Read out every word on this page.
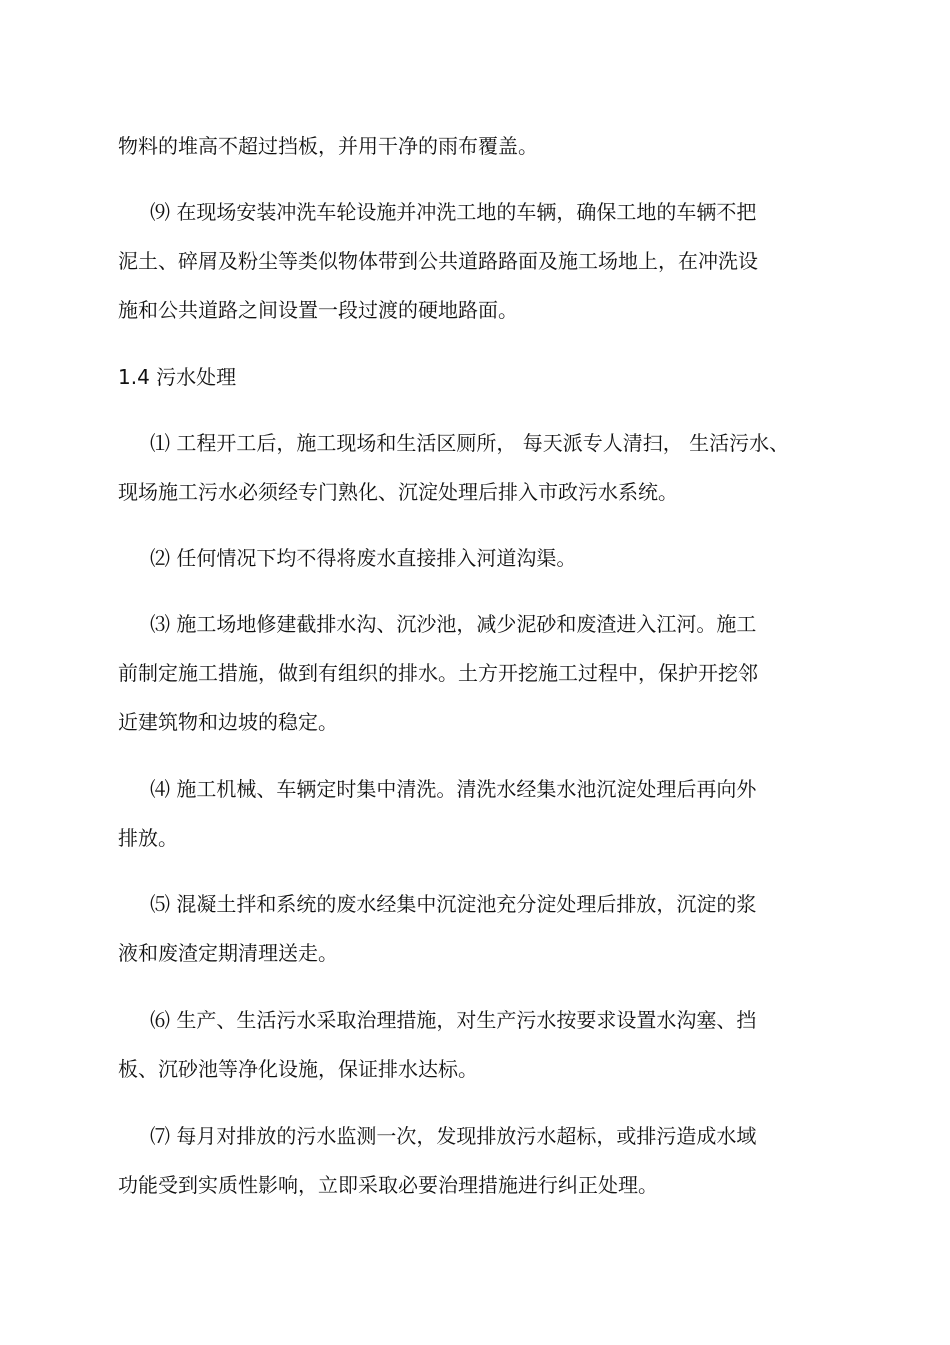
物料的堆高不超过挡板，并用干净的雨布覆盖。
⑼ 在现场安装冲洗车轮设施并冲洗工地的车辆，确保工地的车辆不把
泥土、碎屑及粉尘等类似物体带到公共道路路面及施工场地上，在冲洗设
施和公共道路之间设置一段过渡的硬地路面。
1.4 污水处理
⑴ 工程开工后，施工现场和生活区厕所， 每天派专人清扫， 生活污水、
现场施工污水必须经专门熟化、沉淀处理后排入市政污水系统。
⑵ 任何情况下均不得将废水直接排入河道沟渠。
⑶ 施工场地修建截排水沟、沉沙池，减少泥砂和废渣进入江河。施工
前制定施工措施，做到有组织的排水。土方开挖施工过程中，保护开挖邻
近建筑物和边坡的稳定。
⑷ 施工机械、车辆定时集中清洗。清洗水经集水池沉淀处理后再向外
排放。
⑸ 混凝土拌和系统的废水经集中沉淀池充分淀处理后排放，沉淀的浆
液和废渣定期清理送走。
⑹ 生产、生活污水采取治理措施，对生产污水按要求设置水沟塞、挡
板、沉砂池等净化设施，保证排水达标。
⑺ 每月对排放的污水监测一次，发现排放污水超标，或排污造成水域
功能受到实质性影响，立即采取必要治理措施进行纠正处理。
